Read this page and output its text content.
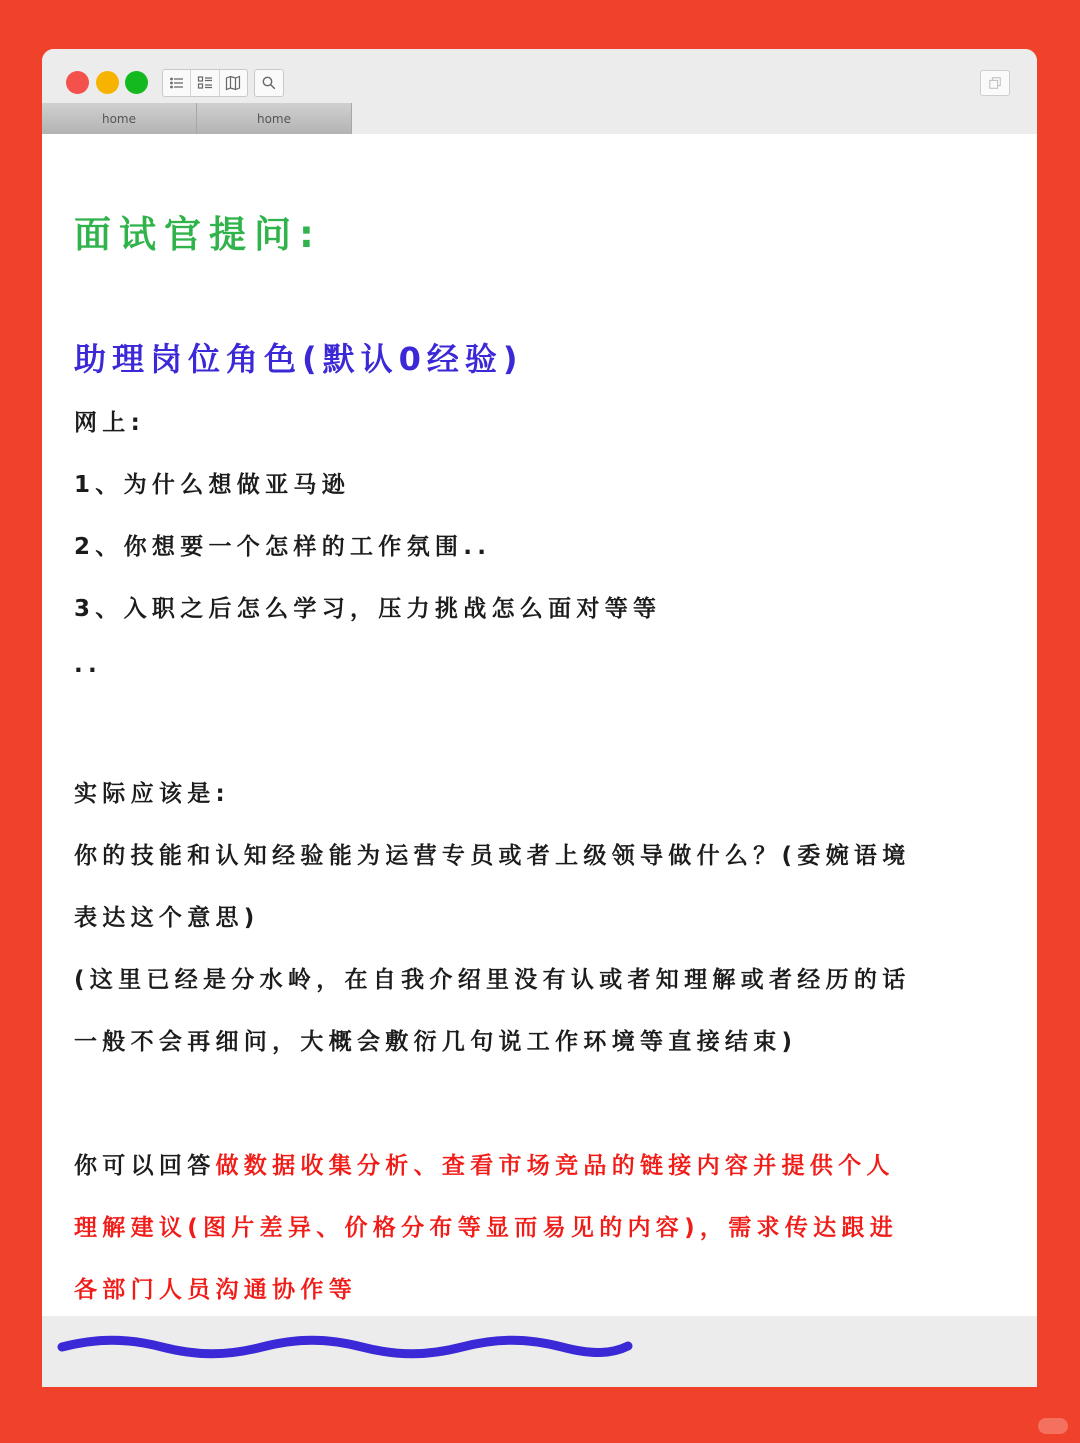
home	home
面试官提问:
助理岗位角色(默认0经验)
网上:
1、为什么想做亚马逊
2、你想要一个怎样的工作氛围..
3、入职之后怎么学习，压力挑战怎么面对等等
..
实际应该是:
你的技能和认知经验能为运营专员或者上级领导做什么？(委婉语境
表达这个意思)
(这里已经是分水岭，在自我介绍里没有认或者知理解或者经历的话
一般不会再细问，大概会敷衍几句说工作环境等直接结束)
你可以回答做数据收集分析、查看市场竞品的链接内容并提供个人
理解建议(图片差异、价格分布等显而易见的内容)，需求传达跟进
各部门人员沟通协作等
